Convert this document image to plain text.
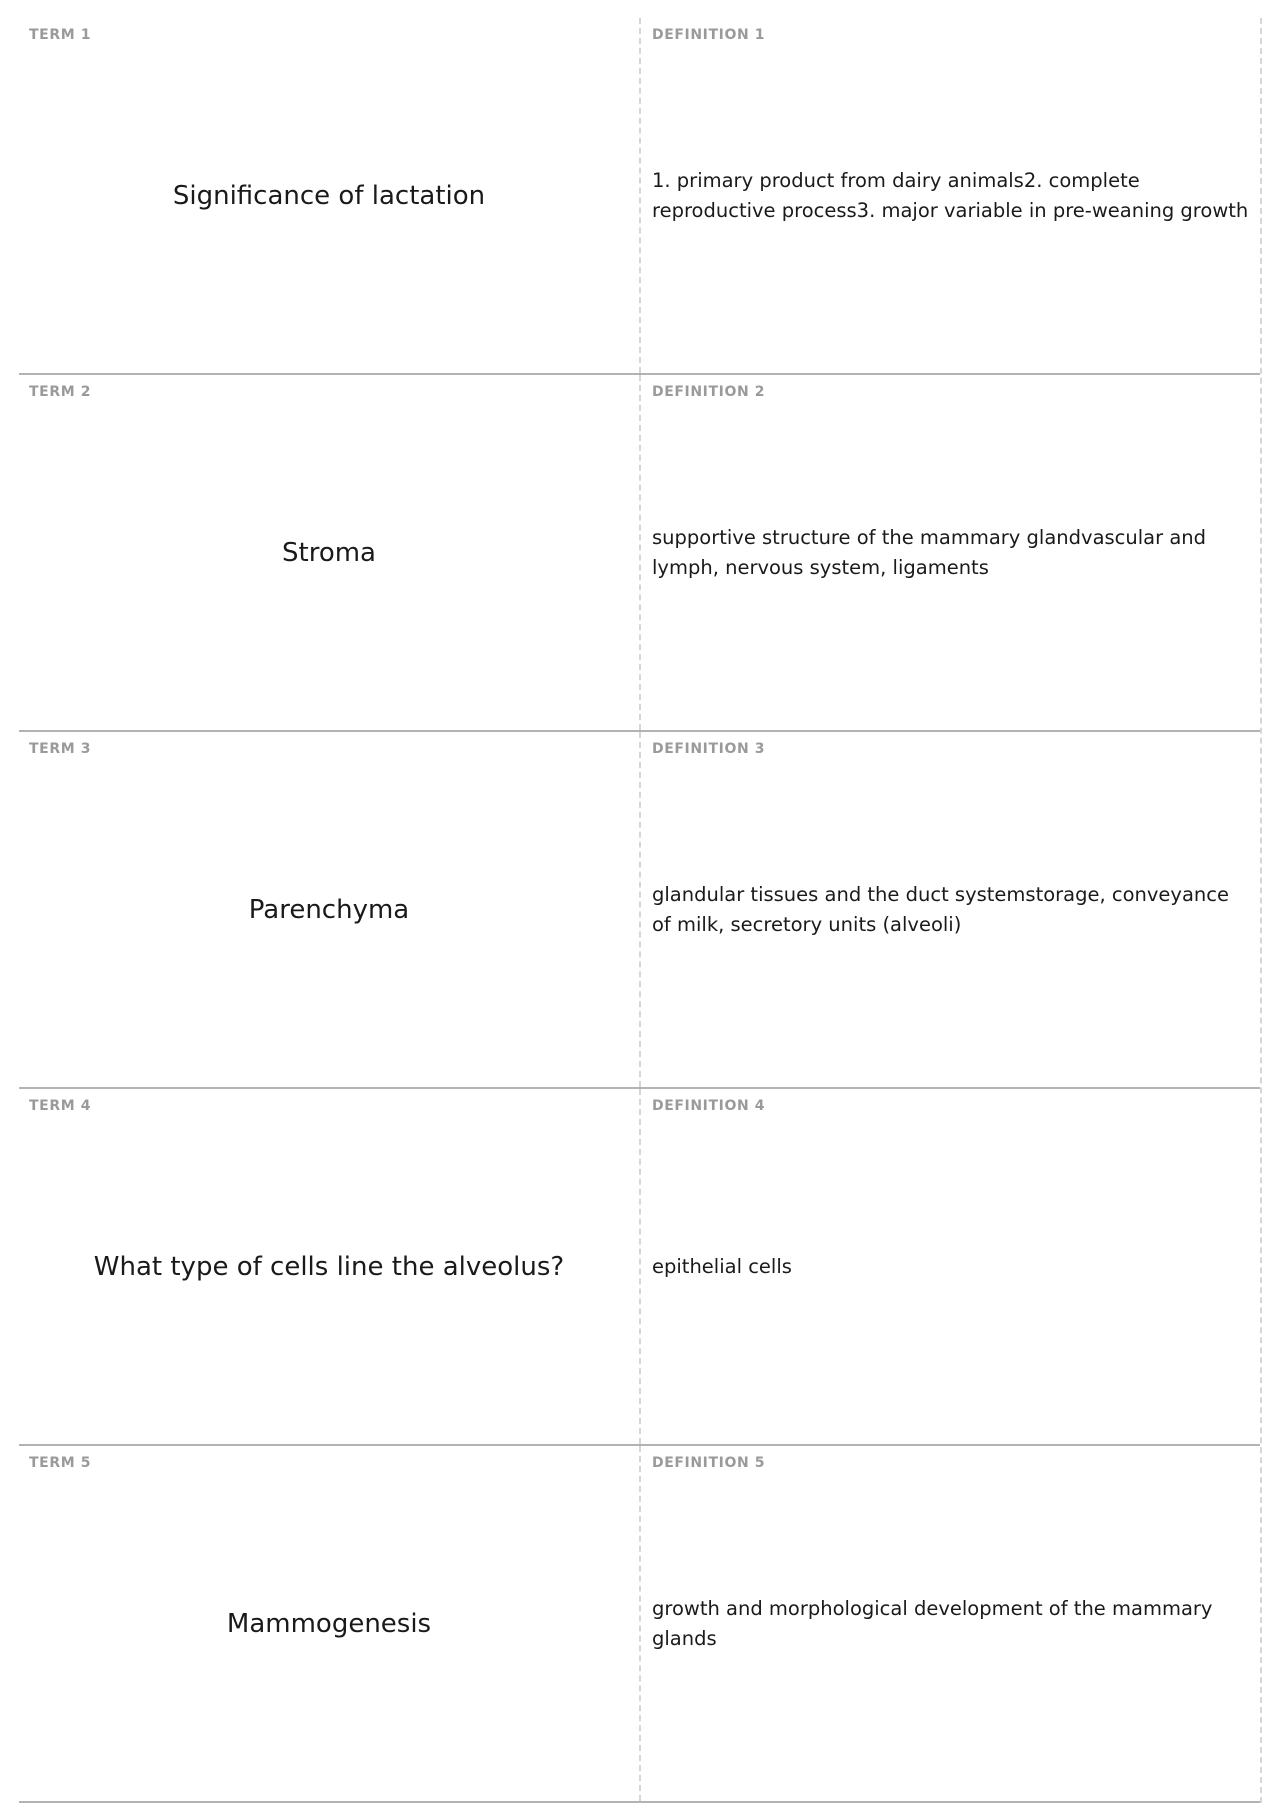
TERM 1
Significance of lactation
DEFINITION 1
1. primary product from dairy animals2. complete reproductive process3. major variable in pre-weaning growth
TERM 2
Stroma
DEFINITION 2
supportive structure of the mammary glandvascular and lymph, nervous system, ligaments
TERM 3
Parenchyma
DEFINITION 3
glandular tissues and the duct systemstorage, conveyance of milk, secretory units (alveoli)
TERM 4
What type of cells line the alveolus?
DEFINITION 4
epithelial cells
TERM 5
Mammogenesis
DEFINITION 5
growth and morphological development of the mammary glands
